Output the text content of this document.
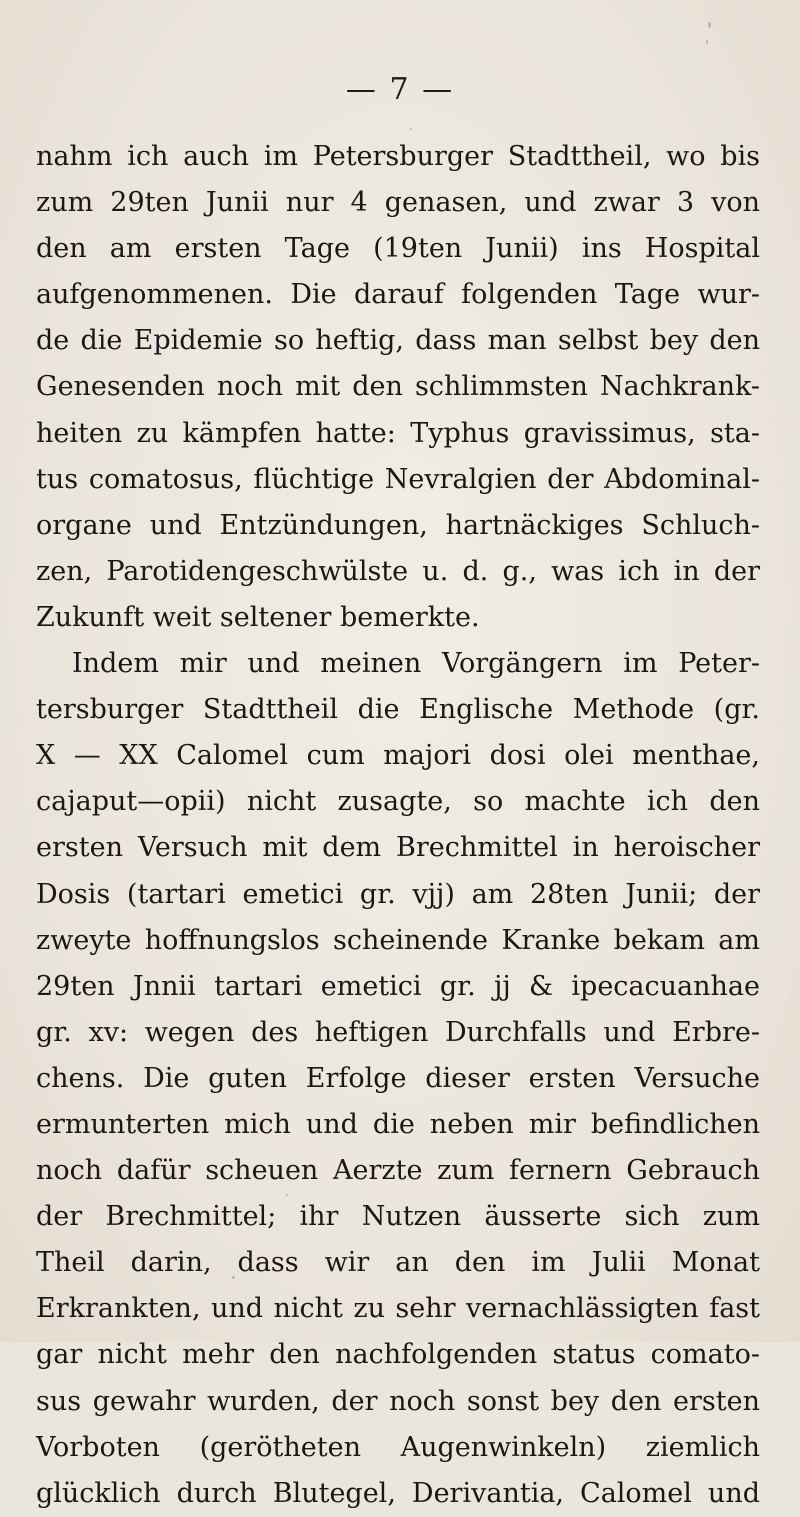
— 7 —
nahm ich auch im Petersburger Stadttheil, wo bis
zum 29ten Junii nur 4 genasen, und zwar 3 von
den am ersten Tage (19ten Junii) ins Hospital
aufgenommenen. Die darauf folgenden Tage wur-
de die Epidemie so heftig, dass man selbst bey den
Genesenden noch mit den schlimmsten Nachkrank-
heiten zu kämpfen hatte: Typhus gravissimus, sta-
tus comatosus, flüchtige Nevralgien der Abdominal-
organe und Entzündungen, hartnäckiges Schluch-
zen, Parotidengeschwülste u. d. g., was ich in der
Zukunft weit seltener bemerkte.
Indem mir und meinen Vorgängern im Peter-
tersburger Stadttheil die Englische Methode (gr.
X — XX Calomel cum majori dosi olei menthae,
cajaput—opii) nicht zusagte, so machte ich den
ersten Versuch mit dem Brechmittel in heroischer
Dosis (tartari emetici gr. vjj) am 28ten Junii; der
zweyte hoffnungslos scheinende Kranke bekam am
29ten Jnnii tartari emetici gr. jj & ipecacuanhae
gr. xv: wegen des heftigen Durchfalls und Erbre-
chens. Die guten Erfolge dieser ersten Versuche
ermunterten mich und die neben mir befindlichen
noch dafür scheuen Aerzte zum fernern Gebrauch
der Brechmittel; ihr Nutzen äusserte sich zum
Theil darin, dass wir an den im Julii Monat
Erkrankten, und nicht zu sehr vernachlässigten fast
gar nicht mehr den nachfolgenden status comato-
sus gewahr wurden, der noch sonst bey den ersten
Vorboten (gerötheten Augenwinkeln) ziemlich
glücklich durch Blutegel, Derivantia, Calomel und
